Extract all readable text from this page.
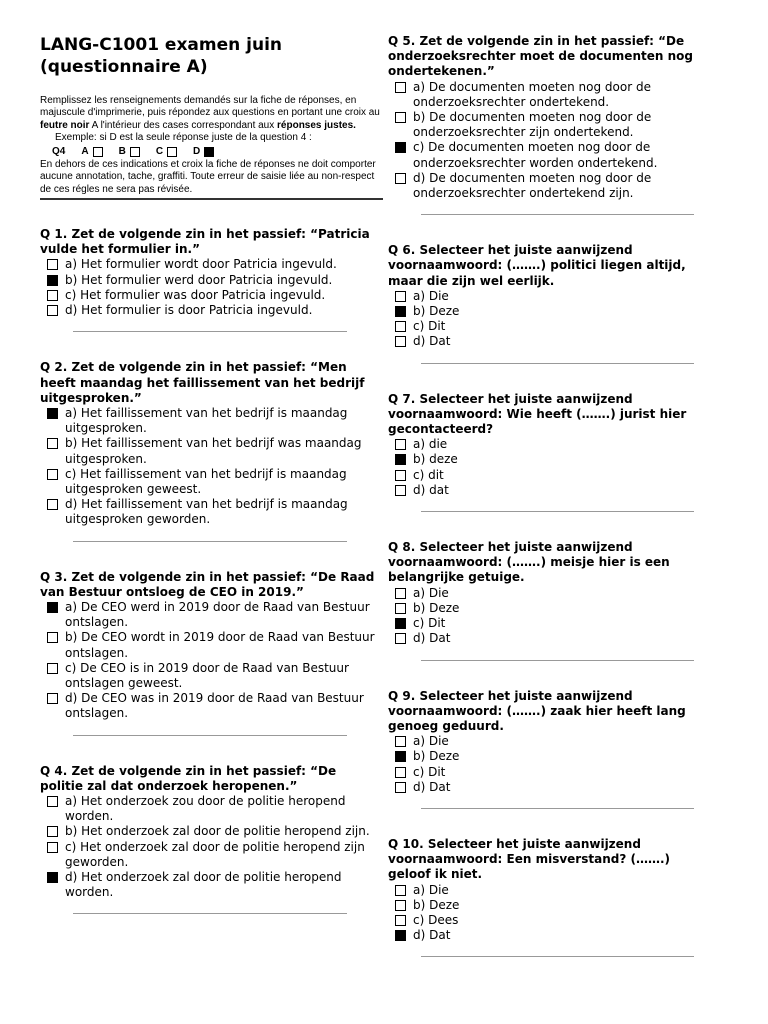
LANG-C1001 examen juin
(questionnaire A)
Remplissez les renseignements demandés sur la fiche de réponses, en majuscule d'imprimerie, puis répondez aux questions en portant une croix au feutre noir A l'intérieur des cases correspondant aux réponses justes.
Exemple: si D est la seule réponse juste de la question 4 :
Q4 A	B	C	D
En dehors de ces indications et croix la fiche de réponses ne doit comporter aucune annotation, tache, graffiti. Toute erreur de saisie liée au non-respect de ces régles ne sera pas révisée.
Q 1. Zet de volgende zin in het passief: “Patricia vulde het formulier in.”
a) Het formulier wordt door Patricia ingevuld.
b) Het formulier werd door Patricia ingevuld.
c) Het formulier was door Patricia ingevuld.
d) Het formulier is door Patricia ingevuld.
Q 2. Zet de volgende zin in het passief: “Men heeft maandag het faillissement van het bedrijf uitgesproken.”
a) Het faillissement van het bedrijf is maandag uitgesproken.
b) Het faillissement van het bedrijf was maandag uitgesproken.
c) Het faillissement van het bedrijf is maandag uitgesproken geweest.
d) Het faillissement van het bedrijf is maandag uitgesproken geworden.
Q 3. Zet de volgende zin in het passief: “De Raad van Bestuur ontsloeg de CEO in 2019.”
a) De CEO werd in 2019 door de Raad van Bestuur ontslagen.
b) De CEO wordt in 2019 door de Raad van Bestuur ontslagen.
c) De CEO is in 2019 door de Raad van Bestuur ontslagen geweest.
d) De CEO was in 2019 door de Raad van Bestuur ontslagen.
Q 4. Zet de volgende zin in het passief: “De politie zal dat onderzoek heropenen.”
a) Het onderzoek zou door de politie heropend worden.
b) Het onderzoek zal door de politie heropend zijn.
c) Het onderzoek zal door de politie heropend zijn geworden.
d) Het onderzoek zal door de politie heropend worden.
Q 5. Zet de volgende zin in het passief: “De onderzoeksrechter moet de documenten nog ondertekenen.”
a) De documenten moeten nog door de onderzoeksrechter ondertekend.
b) De documenten moeten nog door de onderzoeksrechter zijn ondertekend.
c) De documenten moeten nog door de onderzoeksrechter worden ondertekend.
d) De documenten moeten nog door de onderzoeksrechter ondertekend zijn.
Q 6. Selecteer het juiste aanwijzend voornaamwoord: (…….) politici liegen altijd, maar die zijn wel eerlijk.
a) Die
b) Deze
c) Dit
d) Dat
Q 7. Selecteer het juiste aanwijzend voornaamwoord: Wie heeft (…….) jurist hier gecontacteerd?
a) die
b) deze
c) dit
d) dat
Q 8. Selecteer het juiste aanwijzend voornaamwoord: (…….) meisje hier is een belangrijke getuige.
a) Die
b) Deze
c) Dit
d) Dat
Q 9. Selecteer het juiste aanwijzend voornaamwoord: (…….) zaak hier heeft lang genoeg geduurd.
a) Die
b) Deze
c) Dit
d) Dat
Q 10. Selecteer het juiste aanwijzend voornaamwoord: Een misverstand? (…….) geloof ik niet.
a) Die
b) Deze
c) Dees
d) Dat
